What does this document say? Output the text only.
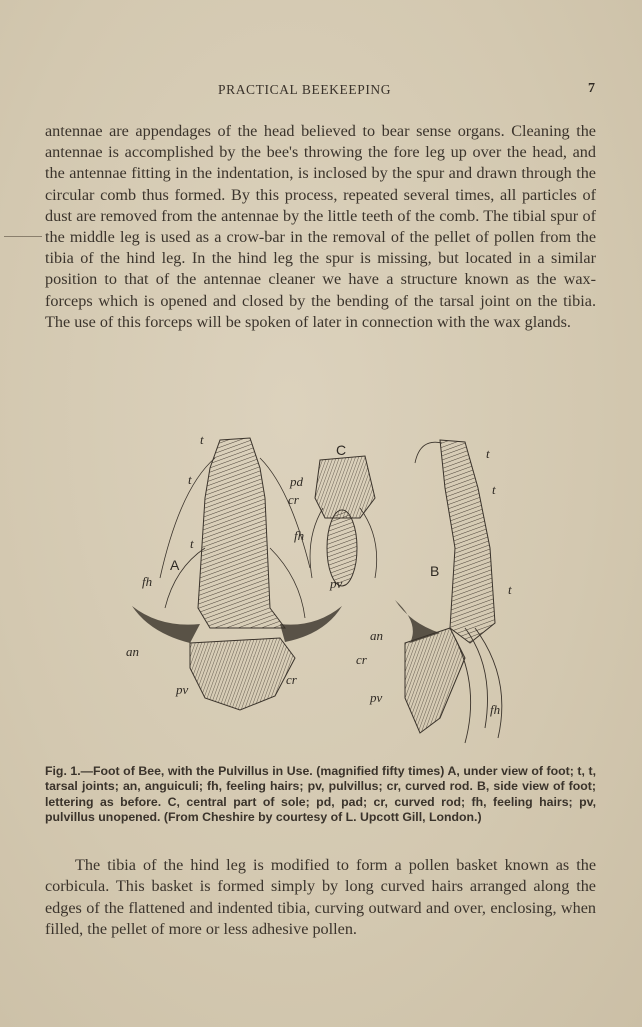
PRACTICAL BEEKEEPING	7

antennae are appendages of the head believed to bear sense organs. Cleaning the antennae is accomplished by the bee's throwing the fore leg up over the head, and the antennae fitting in the indentation, is inclosed by the spur and drawn through the circular comb thus formed. By this process, repeated several times, all particles of dust are removed from the antennae by the little teeth of the comb. The tibial spur of the middle leg is used as a crow-bar in the removal of the pellet of pollen from the tibia of the hind leg. In the hind leg the spur is missing, but located in a similar position to that of the antennae cleaner we have a structure known as the wax-forceps which is opened and closed by the bending of the tarsal joint on the tibia. The use of this forceps will be spoken of later in connection with the wax glands.

t
t
t
A
fh
an
pv
cr
C
pd
cr
fh
pv
t
t
B
t
an
cr
pv
fh

Fig. 1.—Foot of Bee, with the Pulvillus in Use. (magnified fifty times) A, under view of foot; t, t, tarsal joints; an, anguiculi; fh, feeling hairs; pv, pulvillus; cr, curved rod. B, side view of foot; lettering as before. C, central part of sole; pd, pad; cr, curved rod; fh, feeling hairs; pv, pulvillus unopened. (From Cheshire by courtesy of L. Upcott Gill, London.)

The tibia of the hind leg is modified to form a pollen basket known as the corbicula. This basket is formed simply by long curved hairs arranged along the edges of the flattened and indented tibia, curving outward and over, enclosing, when filled, the pellet of more or less adhesive pollen.
